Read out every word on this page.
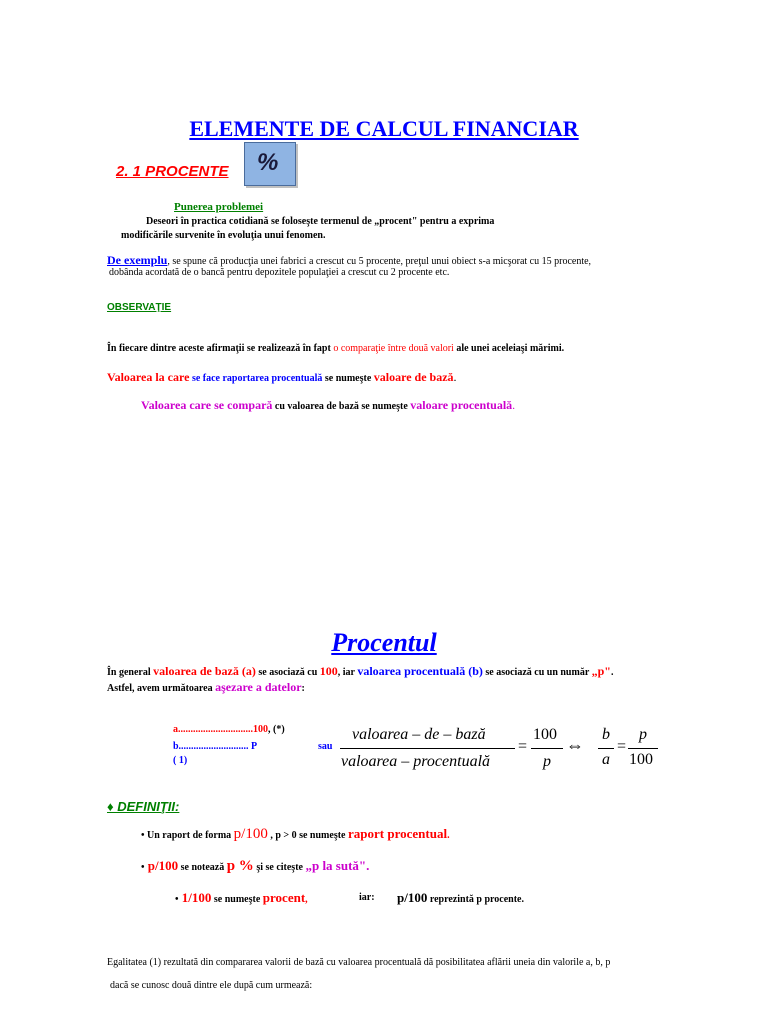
ELEMENTE DE CALCUL FINANCIAR
2. 1 PROCENTE %
Punerea problemei
Deseori în practica cotidiană se foloseşte termenul de „procent" pentru a exprima
modificările survenite în evoluţia unui fenomen.
De exemplu, se spune că producţia unei fabrici a crescut cu 5 procente, preţul unui obiect s-a micşorat cu 15 procente,
dobânda acordată de o bancă pentru depozitele populaţiei a crescut cu 2 procente etc.
OBSERVAŢIE
În fiecare dintre aceste afirmaţii se realizează în fapt o comparaţie între două valori ale unei aceleiaşi mărimi.
Valoarea la care se face raportarea procentuală se numeşte valoare de bază.
Valoarea care se compară cu valoarea de bază se numeşte valoare procentuală.
Procentul
În general valoarea de bază (a) se asociază cu 100, iar valoarea procentuală (b) se asociază cu un număr „p".
Astfel, avem următoarea aşezare a datelor:
a..............................100, (*)
b............................ P
( 1)
sau
valoarea – de – bază
valoarea – procentuală
=
100
p
⇔
b
a
=
p
100
♦ DEFINIŢII:
• Un raport de forma p/100 , p > 0 se numeşte raport procentual.
• p/100 se notează p % şi se citeşte „p la sută".
• 1/100 se numeşte procent,	iar: p/100 reprezintă p procente.
Egalitatea (1) rezultată din compararea valorii de bază cu valoarea procentuală dă posibilitatea aflării uneia din valorile a, b, p
dacă se cunosc două dintre ele după cum urmează:
